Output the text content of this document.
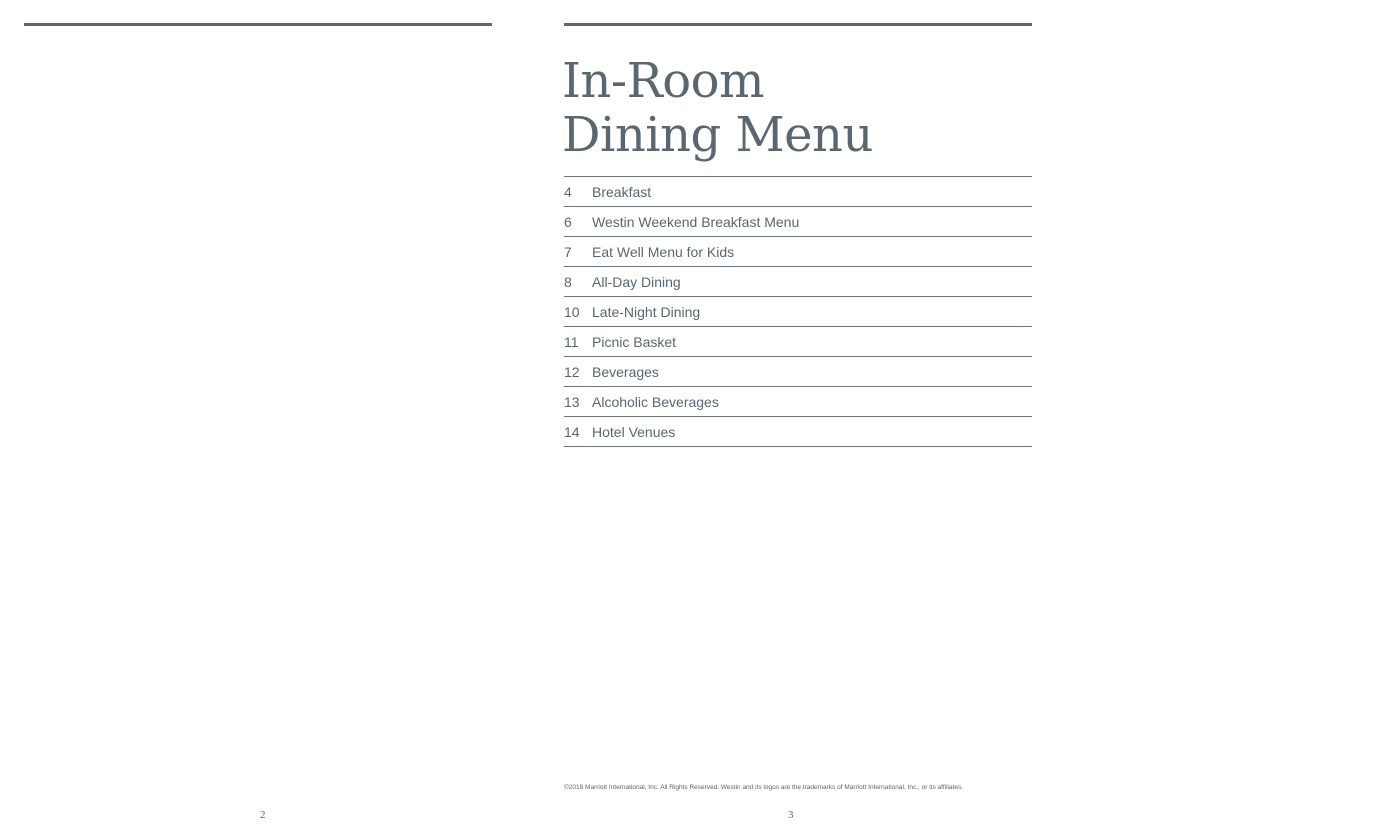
In-Room
Dining Menu
4	Breakfast
6	Westin Weekend Breakfast Menu
7	Eat Well Menu for Kids
8	All-Day Dining
10 Late-Night Dining
11 Picnic Basket
12 Beverages
13 Alcoholic Beverages
14 Hotel Venues
©2018 Marriott International, Inc. All Rights Reserved. Westin and its logos are the trademarks of Marriott International, Inc., or its affiliates.
2	3
